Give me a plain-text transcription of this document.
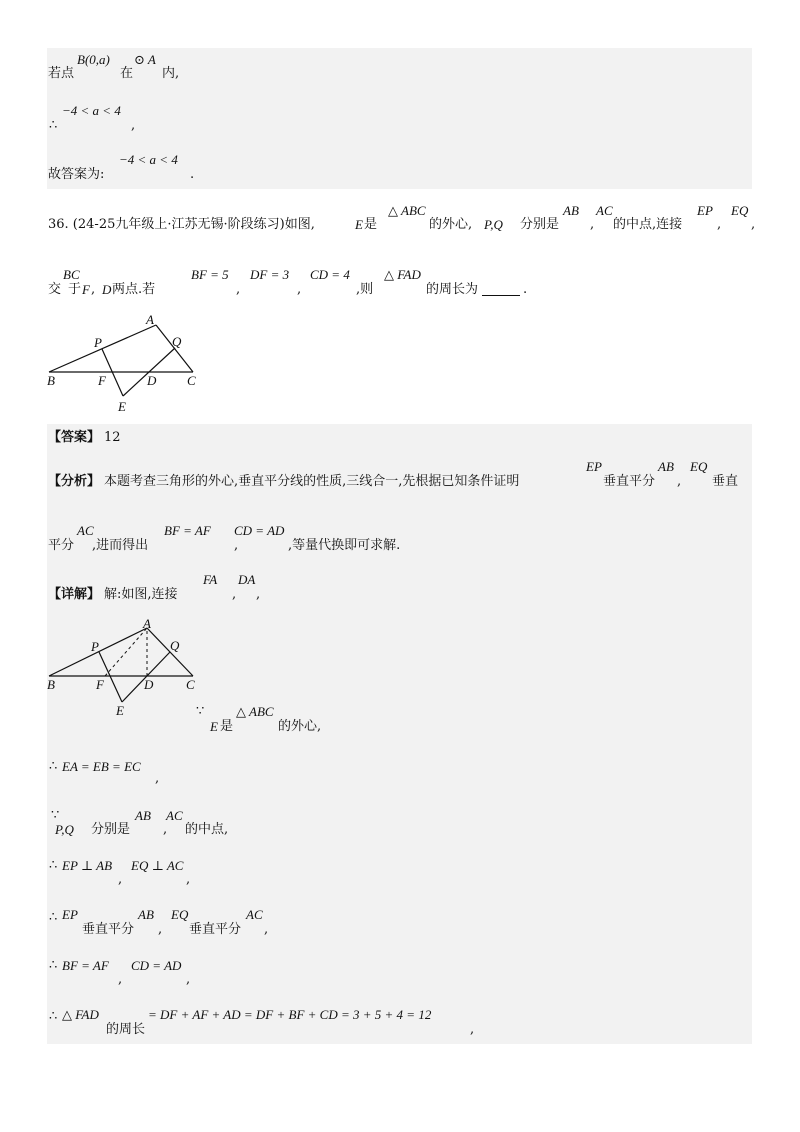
若点
B(0,a)
在
⊙ A
内,
∴
−4 < a < 4
,
故答案为:
−4 < a < 4
.
36. (24-25九年级上·江苏无锡·阶段练习)如图,	E 是
△ ABC
的外心, P,Q 分别是
AB
,
AC
的中点,连接
EP
,
EQ
,
交
BC
于 F , D 两点.若
BF = 5
,
DF = 3
,
CD = 4
,则
△ FAD
的周长为	.
A
P	Q
B	F	D C
E
【答案】 12
【分析】 本题考查三角形的外心,垂直平分线的性质,三线合一,先根据已知条件证明
EP
垂直平分
AB
,
EQ
垂直
平分
AC
,进而得出
BF = AF
,
CD = AD
,等量代换即可求解.
【详解】 解:如图,连接
FA
,
DA
,
A
P	Q
B	F	D	C
E	∵
E 是
△ ABC
的外心,
∴ EA = EB = EC
,
∵
P,Q 分别是
AB
,
AC
的中点,
∴ EP ⊥ AB
,
EQ ⊥ AC
,
∴ EP
垂直平分
AB
,
EQ
垂直平分
AC
,
∴ BF = AF
,
CD = AD
,
∴ △ FAD
的周长
= DF + AF + AD = DF + BF + CD = 3 + 5 + 4 = 12
,
